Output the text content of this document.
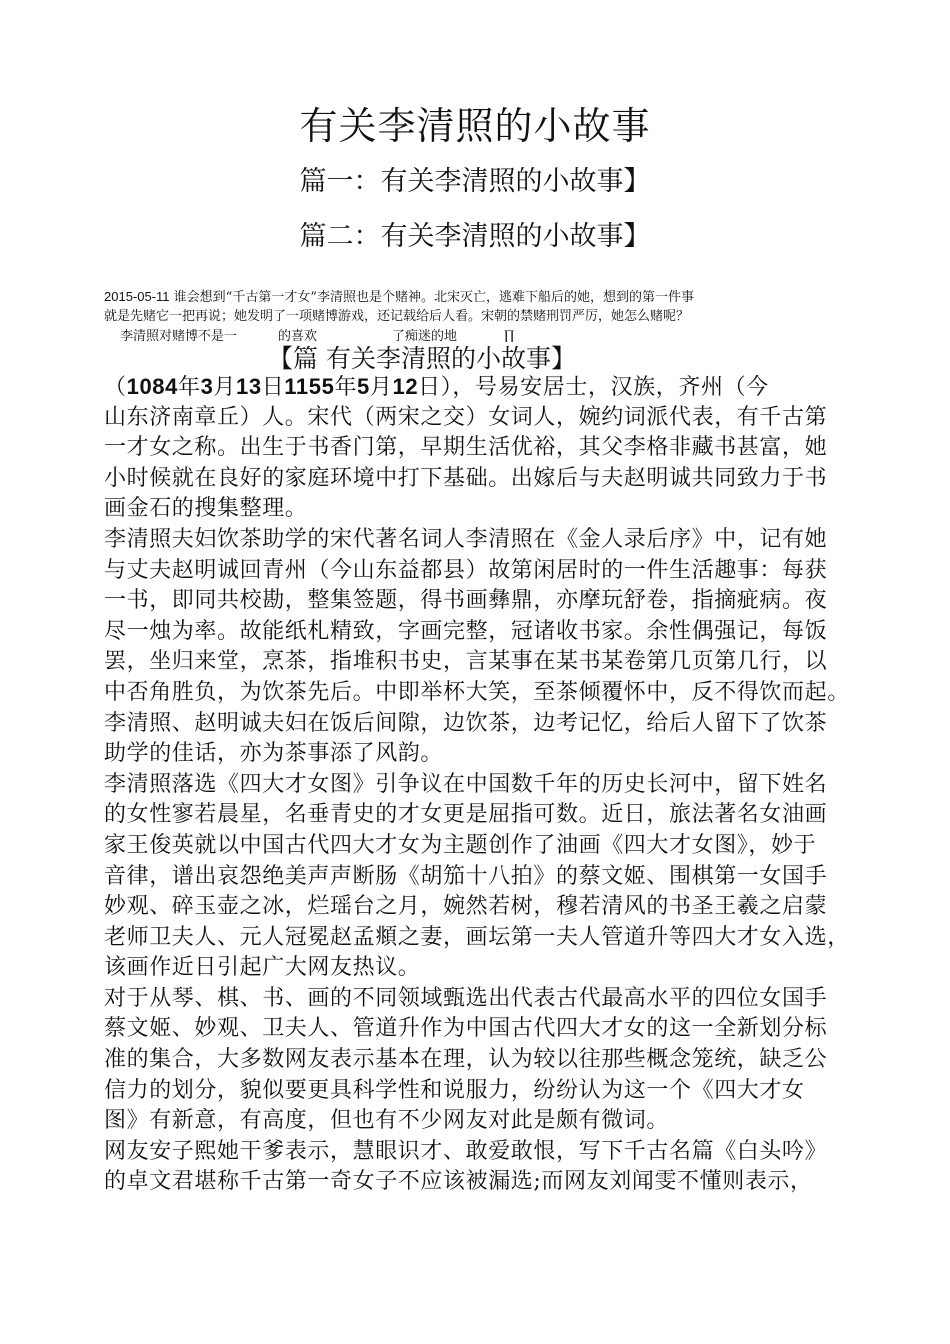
有关李清照的小故事
篇一：有关李清照的小故事】
篇二：有关李清照的小故事】
2015-05-11 谁会想到“千古第一才女”李清照也是个赌神。北宋灭亡，逃难下船后的她，想到的第一件事
就是先赌它一把再说；她发明了一项赌博游戏，还记载给后人看。宋朝的禁赌刑罚严厉，她怎么赌呢？
李清照对赌博不是一	的喜欢	了痴迷的地	∏
【篇 有关李清照的小故事】
（1084年3月13日1155年5月12日），号易安居士，汉族，齐州（今
山东济南章丘）人。宋代（两宋之交）女词人，婉约词派代表，有千古第
一才女之称。出生于书香门第，早期生活优裕，其父李格非藏书甚富，她
小时候就在良好的家庭环境中打下基础。出嫁后与夫赵明诚共同致力于书
画金石的搜集整理。
李清照夫妇饮茶助学的宋代著名词人李清照在《金人录后序》中，记有她
与丈夫赵明诚回青州（今山东益都县）故第闲居时的一件生活趣事：每获
一书，即同共校勘，整集签题，得书画彝鼎，亦摩玩舒卷，指摘疵病。夜
尽一烛为率。故能纸札精致，字画完整，冠诸收书家。余性偶强记，每饭
罢，坐归来堂，烹茶，指堆积书史，言某事在某书某卷第几页第几行，以
中否角胜负，为饮茶先后。中即举杯大笑，至茶倾覆怀中，反不得饮而起。
李清照、赵明诚夫妇在饭后间隙，边饮茶，边考记忆，给后人留下了饮茶
助学的佳话，亦为茶事添了风韵。
李清照落选《四大才女图》引争议在中国数千年的历史长河中，留下姓名
的女性寥若晨星，名垂青史的才女更是屈指可数。近日，旅法著名女油画
家王俊英就以中国古代四大才女为主题创作了油画《四大才女图》，妙于
音律，谱出哀怨绝美声声断肠《胡笳十八拍》的蔡文姬、围棋第一女国手
妙观、碎玉壶之冰，烂瑶台之月，婉然若树，穆若清风的书圣王羲之启蒙
老师卫夫人、元人冠冕赵孟頫之妻，画坛第一夫人管道升等四大才女入选，
该画作近日引起广大网友热议。
对于从琴、棋、书、画的不同领域甄选出代表古代最高水平的四位女国手
蔡文姬、妙观、卫夫人、管道升作为中国古代四大才女的这一全新划分标
准的集合，大多数网友表示基本在理，认为较以往那些概念笼统，缺乏公
信力的划分，貌似要更具科学性和说服力，纷纷认为这一个《四大才女
图》有新意，有高度，但也有不少网友对此是颇有微词。
网友安子熙她干爹表示，慧眼识才、敢爱敢恨，写下千古名篇《白头吟》
的卓文君堪称千古第一奇女子不应该被漏选;而网友刘闻雯不懂则表示，
